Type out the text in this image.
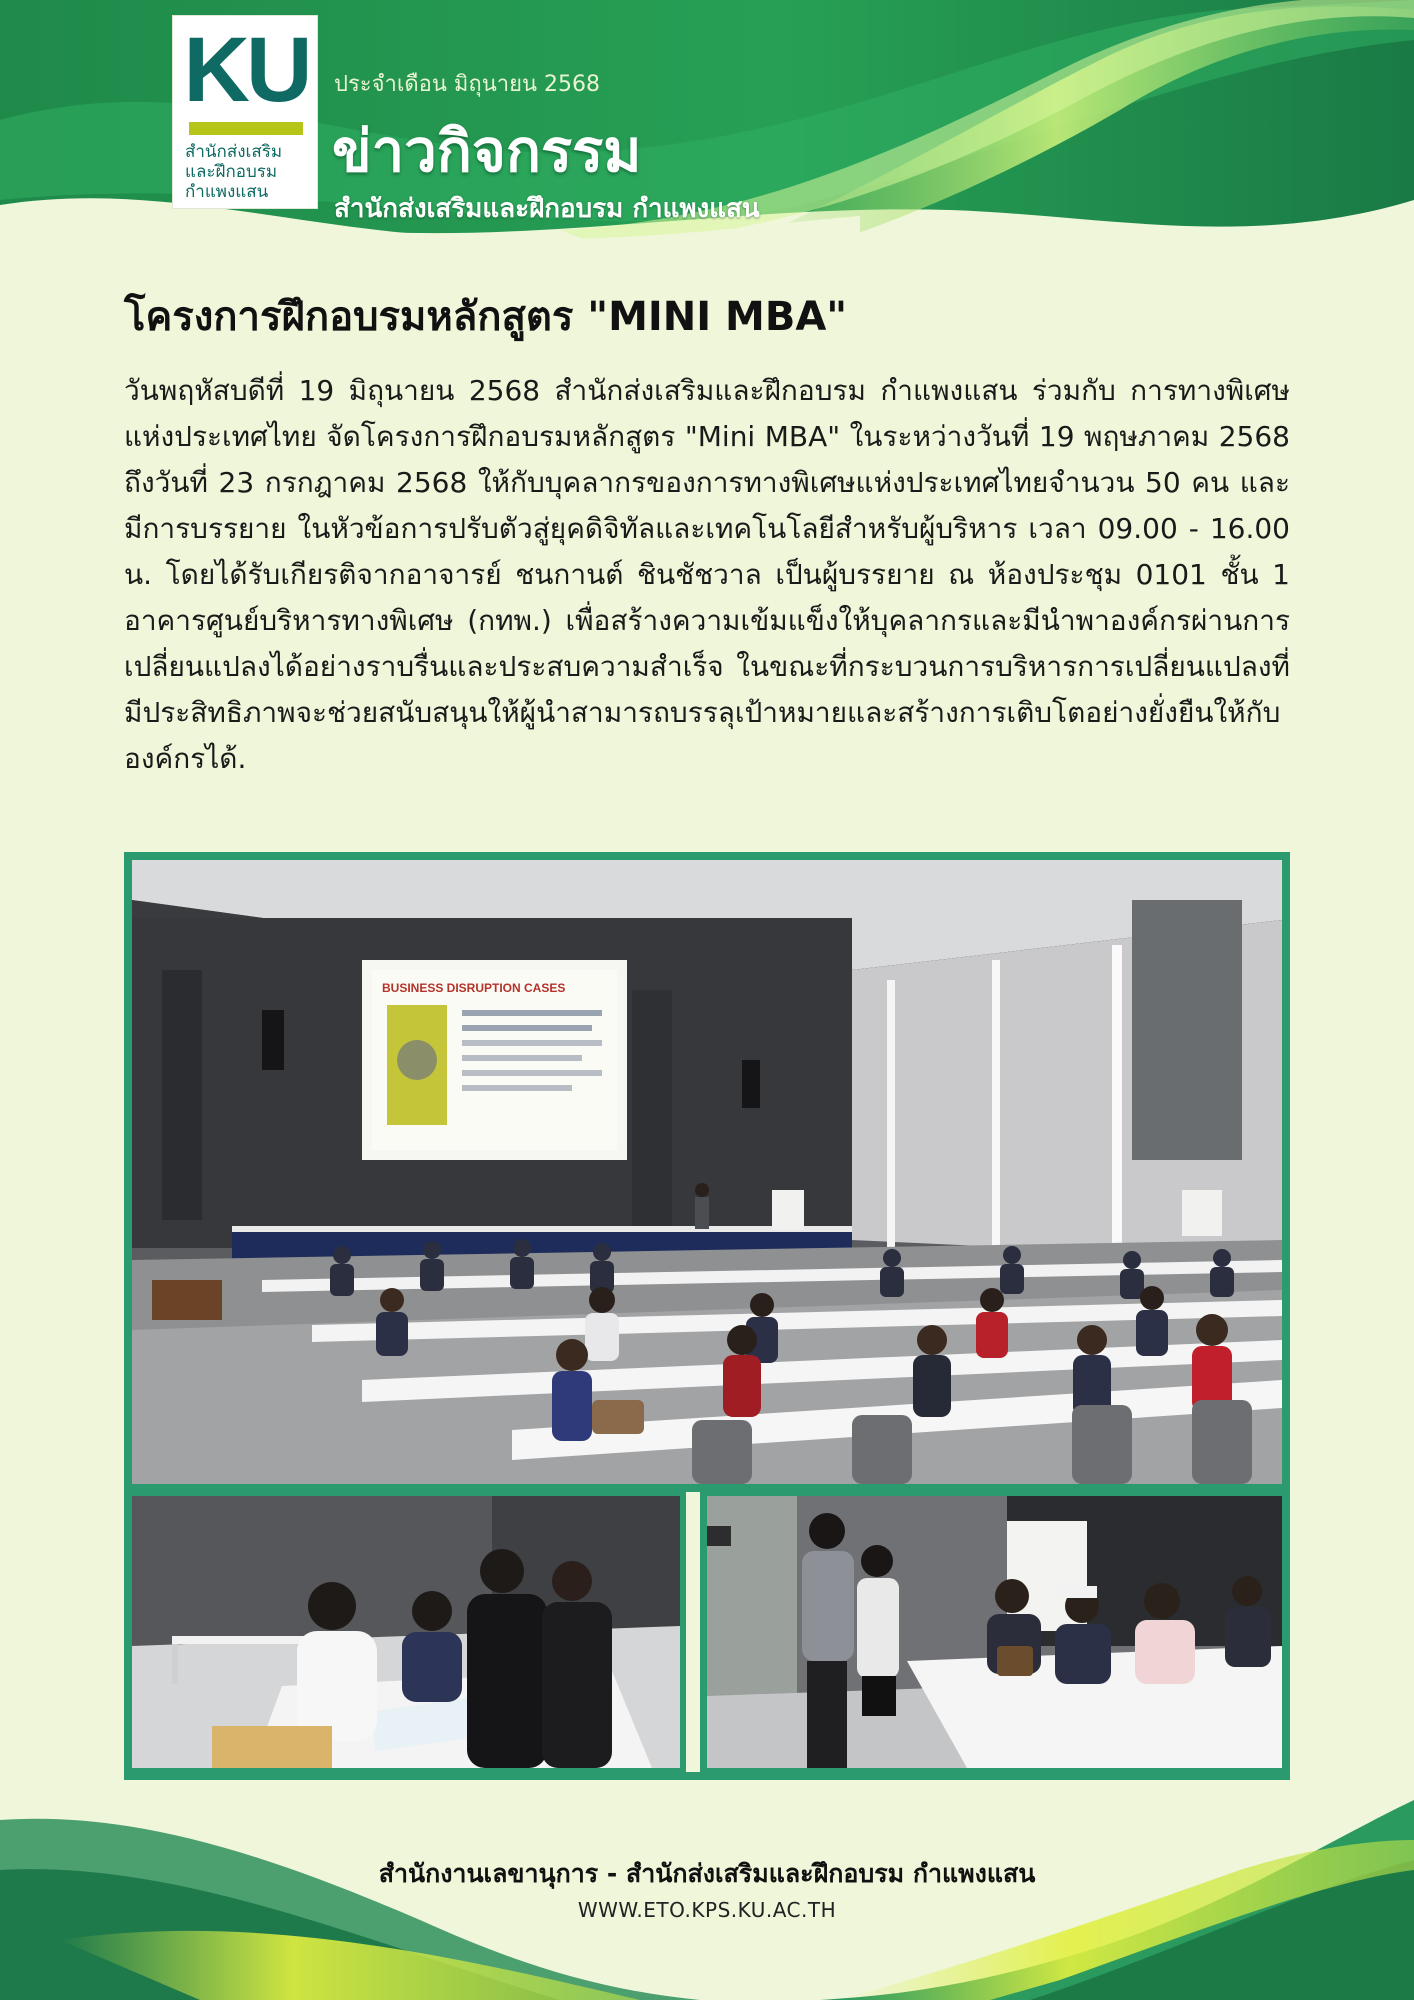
KU
สำนักส่งเสริม
และฝึกอบรม
กำแพงแสน
ประจำเดือน มิถุนายน 2568
ข่าวกิจกรรม
สำนักส่งเสริมและฝึกอบรม กำแพงแสน
โครงการฝึกอบรมหลักสูตร "MINI MBA"

วันพฤหัสบดีที่ 19 มิถุนายน 2568 สำนักส่งเสริมและฝึกอบรม กำแพงแสน ร่วมกับ การทางพิเศษแห่งประเทศไทย จัดโครงการฝึกอบรมหลักสูตร "Mini MBA" ในระหว่างวันที่ 19 พฤษภาคม 2568 ถึงวันที่ 23 กรกฎาคม 2568 ให้กับบุคลากรของการทางพิเศษแห่งประเทศไทยจำนวน 50 คน และ มีการบรรยาย ในหัวข้อการปรับตัวสู่ยุคดิจิทัลและเทคโนโลยีสำหรับผู้บริหาร เวลา 09.00 - 16.00 น. โดยได้รับเกียรติจากอาจารย์ ชนกานต์ ชินชัชวาล เป็นผู้บรรยาย ณ ห้องประชุม 0101 ชั้น 1 อาคารศูนย์บริหารทางพิเศษ (กทพ.) เพื่อสร้างความเข้มแข็งให้บุคลากรและมีนำพาองค์กรผ่านการเปลี่ยนแปลงได้อย่างราบรื่นและประสบความสำเร็จ ในขณะที่กระบวนการบริหารการเปลี่ยนแปลงที่มีประสิทธิภาพจะช่วยสนับสนุนให้ผู้นำสามารถบรรลุเป้าหมายและสร้างการเติบโตอย่างยั่งยืนให้กับองค์กรได้.

BUSINESS DISRUPTION CASES
สำนักงานเลขานุการ - สำนักส่งเสริมและฝึกอบรม กำแพงแสน
WWW.ETO.KPS.KU.AC.TH
